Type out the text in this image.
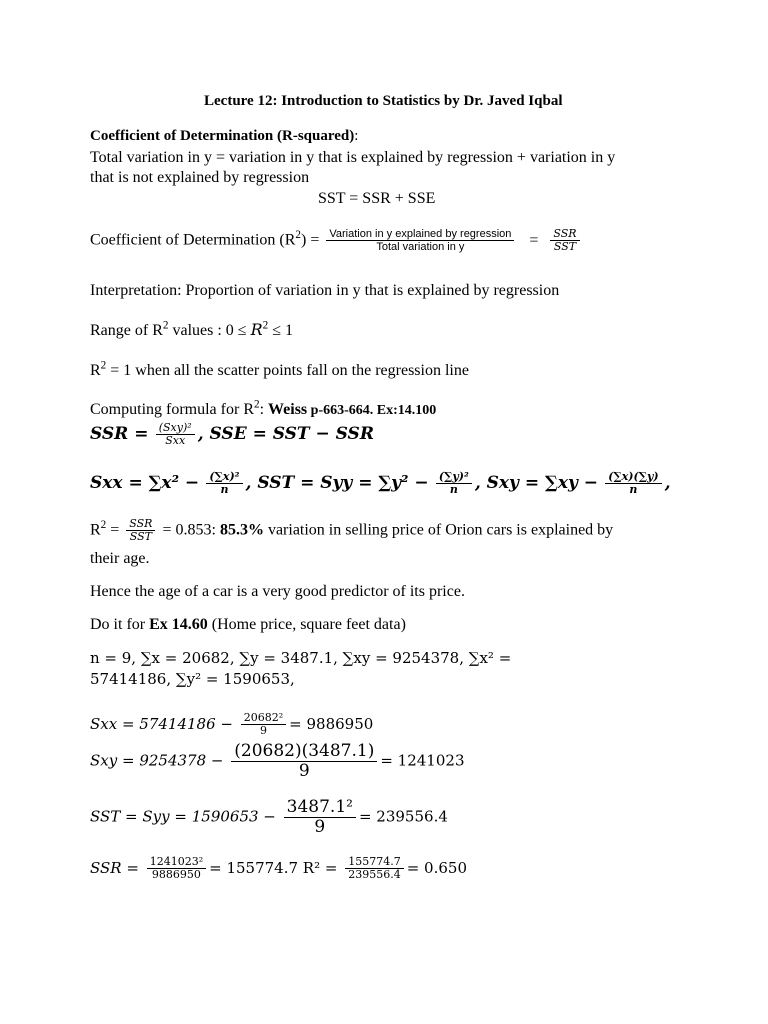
Lecture 12: Introduction to Statistics by Dr. Javed Iqbal
Coefficient of Determination (R-squared):
Total variation in y = variation in y that is explained by regression + variation in y
that is not explained by regression
SST = SSR + SSE
Coefficient of Determination $(R^2) = \frac{\text{Variation in y explained by regression}}{\text{Total variation in y}} = \frac{\text{SSR}}{\text{SST}}$
Interpretation: Proportion of variation in y that is explained by regression
Range of $R^2$ values : $0 \le R^2 \le 1$
$R^2 = 1$ when all the scatter points fall on the regression line
Computing formula for $R^2$: Weiss p-663-664. Ex:14.100
SSR = $\frac{\text{(Sxy)²}}{\text{Sxx}}$ , SSE = SST − SSR
Sxx = $\sum x^2 - \frac{\text{(∑x)²}}{n}$ , SST = Syy = $\sum y^2 - \frac{\text{(∑y)²}}{n}$ , Sxy = $\sum xy - \frac{(\sum x)(\sum y)}{n}$ ,
$R^2 = \frac{\text{SSR}}{\text{SST}} = 0.853$: 85.3% variation in selling price of Orion cars is explained by
their age.
Hence the age of a car is a very good predictor of its price.
Do it for Ex 14.60 (Home price, square feet data)
n = 9, ∑x = 20682, ∑y = 3487.1, ∑xy = 9254378, ∑x² =
57414186, ∑y² = 1590653,
Sxx = $57414186 - \frac{\text{20682²}}{9} = 9886950$
Sxy = $9254378 - \frac{(20682)(3487.1)}{9} = 1241023$
SST = Syy = $1590653 - \frac{\text{3487.1²}}{9} = 239556.4$
SSR = $\frac{\text{1241023²}}{9886950} = 155774.7$ $R^2 = \frac{155774.7}{239556.4} = 0.650$
